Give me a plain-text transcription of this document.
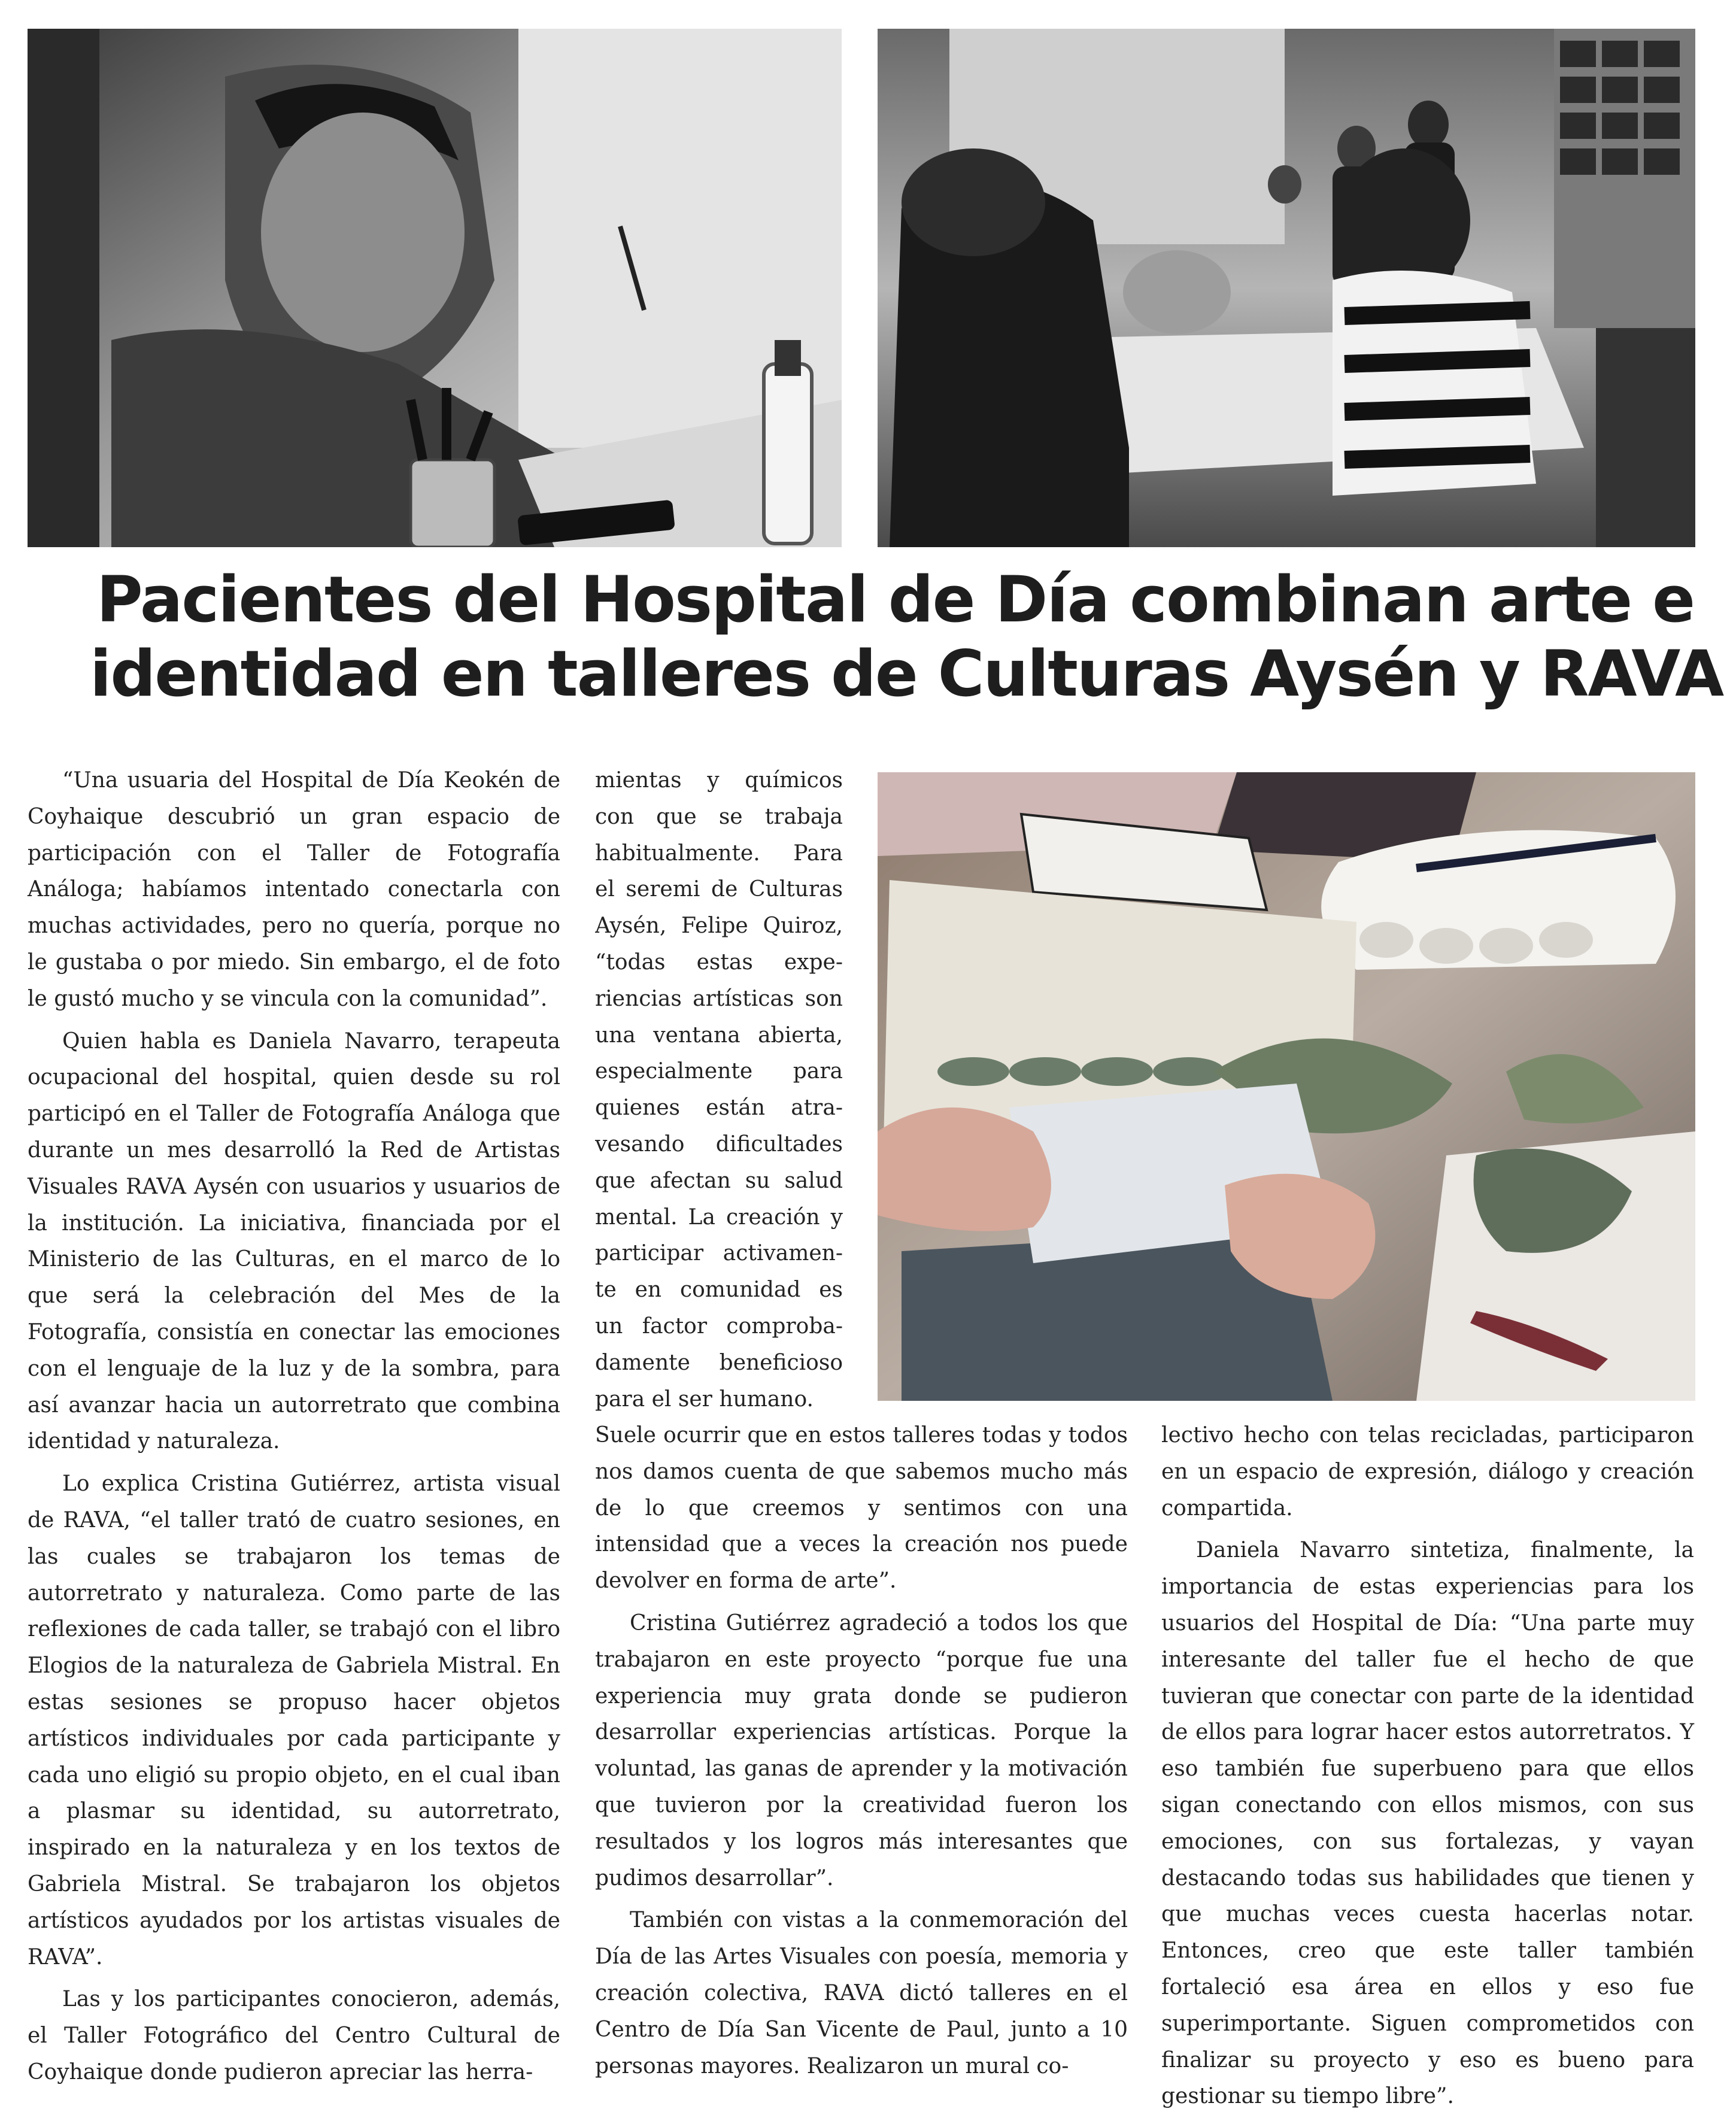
Pacientes del Hospital de Día combinan arte e
identidad en talleres de Culturas Aysén y RAVA

“Una usuaria del Hospital de Día Keokén de Coyhaique descubrió un gran espacio de participación con el Taller de Fotografía Análoga; habíamos intentado conectarla con muchas actividades, pero no quería, porque no le gustaba o por miedo. Sin embargo, el de foto le gustó mucho y se vincula con la comunidad”.

Quien habla es Daniela Navarro, terapeuta ocupacional del hospital, quien desde su rol participó en el Taller de Fotografía Análoga que durante un mes desarrolló la Red de Artistas Visuales RAVA Aysén con usuarios y usuarios de la institución. La iniciativa, financiada por el Ministerio de las Culturas, en el marco de lo que será la celebración del Mes de la Fotografía, consistía en conectar las emociones con el lenguaje de la luz y de la sombra, para así avanzar hacia un autorretrato que combina identidad y naturaleza.

Lo explica Cristina Gutiérrez, artista visual de RAVA, “el taller trató de cuatro sesiones, en las cuales se trabajaron los temas de autorretrato y naturaleza. Como parte de las reflexiones de cada taller, se trabajó con el libro Elogios de la naturaleza de Gabriela Mistral. En estas sesiones se propuso hacer objetos artísticos individuales por cada participante y cada uno eligió su propio objeto, en el cual iban a plasmar su identidad, su autorretrato, inspirado en la naturaleza y en los textos de Gabriela Mistral. Se trabajaron los objetos artísticos ayudados por los artistas visuales de RAVA”.

Las y los participantes conocieron, además, el Taller Fotográfico del Centro Cultural de Coyhaique donde pudieron apreciar las herra-

mientas y químicos
con que se trabaja
habitualmente. Para
el seremi de Culturas
Aysén, Felipe Quiroz,
“todas estas expe-
riencias artísticas son
una ventana abierta,
especialmente para
quienes están atra-
vesando dificultades
que afectan su salud
mental. La creación y
participar activamen-
te en comunidad es
un factor comproba-
damente beneficioso
para el ser humano.

Suele ocurrir que en estos talleres todas y todos nos damos cuenta de que sabemos mucho más de lo que creemos y sentimos con una intensidad que a veces la creación nos puede devolver en forma de arte”.

Cristina Gutiérrez agradeció a todos los que trabajaron en este proyecto “porque fue una experiencia muy grata donde se pudieron desarrollar experiencias artísticas. Porque la voluntad, las ganas de aprender y la motivación que tuvieron por la creatividad fueron los resultados y los logros más interesantes que pudimos desarrollar”.

También con vistas a la conmemoración del Día de las Artes Visuales con poesía, memoria y creación colectiva, RAVA dictó talleres en el Centro de Día San Vicente de Paul, junto a 10 personas mayores. Realizaron un mural co-

lectivo hecho con telas recicladas, participaron en un espacio de expresión, diálogo y creación compartida.

Daniela Navarro sintetiza, finalmente, la importancia de estas experiencias para los usuarios del Hospital de Día: “Una parte muy interesante del taller fue el hecho de que tuvieran que conectar con parte de la identidad de ellos para lograr hacer estos autorretratos. Y eso también fue superbueno para que ellos sigan conectando con ellos mismos, con sus emociones, con sus fortalezas, y vayan destacando todas sus habilidades que tienen y que muchas veces cuesta hacerlas notar. Entonces, creo que este taller también fortaleció esa área en ellos y eso fue superimportante. Siguen comprometidos con finalizar su proyecto y eso es bueno para gestionar su tiempo libre”.
